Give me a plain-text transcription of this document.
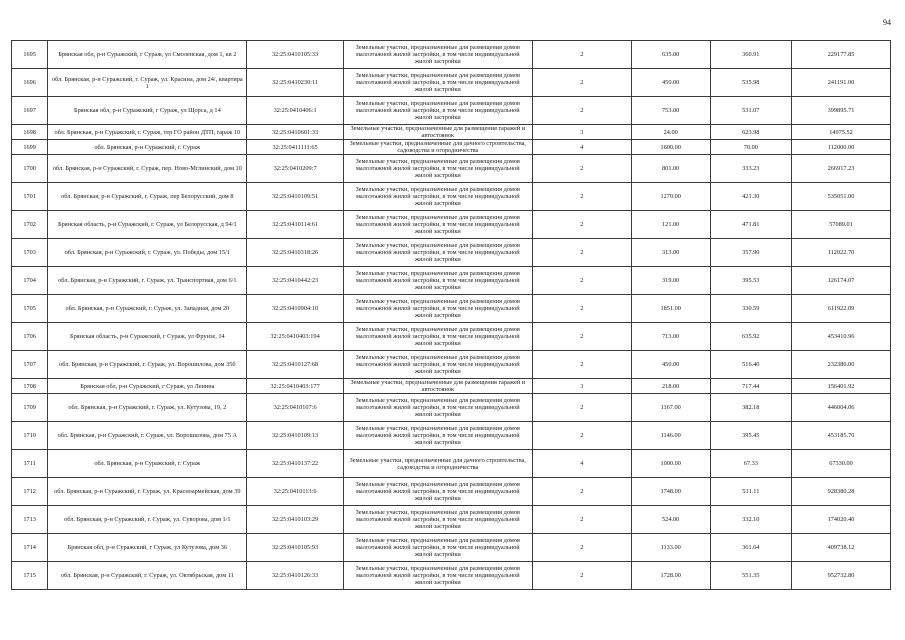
94
1695	Брянская обл, р-н Суражский, г Сураж, ул Смоленская, дом 1, кв 2	32:25:0410105:33	Земельные участки, предназначенные для размещения домов малоэтажной жилой застройки, в том числе индивидуальной жилой застройки	2	635.00	360.91	229177.85
1696	обл. Брянская, р-н Суражский, г. Сураж, ул. Красина, дом 24/, квартира 1	32:25:0410230:11	Земельные участки, предназначенные для размещения домов малоэтажной жилой застройки, в том числе индивидуальной жилой застройки	2	450.00	535.98	241191.00
1697	Брянская обл, р-н Суражский, г Сураж, ул Щорса, д 14	32:25:0410406:1	Земельные участки, предназначенные для размещения домов малоэтажной жилой застройки, в том числе индивидуальной жилой застройки	2	753.00	531.07	399895.71
1698	обл. Брянская, р-н Суражский, г. Сураж, тер ГО район ДТП, гараж 10	32:25:0410601:33	Земельные участки, предназначенные для размещения гаражей и автостоянок	3	24.00	623.98	14975.52
1699	обл. Брянская, р-н Суражский, г. Сураж	32:25:0411111:65	Земельные участки, предназначенные для дачного строительства, садоводства и огородничества	4	1600.00	70.00	112000.00
1700	обл. Брянская, р-н Суражский, г. Сураж, пер. Ново-Мглинский, дом 10	32:25:0410209:7	Земельные участки, предназначенные для размещения домов малоэтажной жилой застройки, в том числе индивидуальной жилой застройки	2	801.00	333.23	266917.23
1701	обл. Брянская, р-н Суражский, г. Сураж, пер Белорусский, дом 8	32:25:0410109:51	Земельные участки, предназначенные для размещения домов малоэтажной жилой застройки, в том числе индивидуальной жилой застройки	2	1270.00	421.30	535051.00
1702	Брянская область, р-н Суражский, г. Сураж, ул Белорусская, д 94/1	32:25:0410114:61	Земельные участки, предназначенные для размещения домов малоэтажной жилой застройки, в том числе индивидуальной жилой застройки	2	121.00	471.81	57089.01
1703	обл. Брянская, р-н Суражский, г. Сураж, ул. Победы, дом 15/1	32:25:0410318:26	Земельные участки, предназначенные для размещения домов малоэтажной жилой застройки, в том числе индивидуальной жилой застройки	2	313.00	357.90	112022.70
1704	обл. Брянская, р-н Суражский, г. Сураж, ул. Транспортная, дом 6/1	32:25:0410442:23	Земельные участки, предназначенные для размещения домов малоэтажной жилой застройки, в том числе индивидуальной жилой застройки	2	319.00	395.53	126174.07
1705	обл. Брянская, р-н Суражский, г. Сураж, ул. Западная, дом 20	32:25:0410904:10	Земельные участки, предназначенные для размещения домов малоэтажной жилой застройки, в том числе индивидуальной жилой застройки	2	1851.00	330.59	611922.09
1706	Брянская область, р-н Суражский, г Сураж, ул Фрунзе, 14	32:25:0410403:194	Земельные участки, предназначенные для размещения домов малоэтажной жилой застройки, в том числе индивидуальной жилой застройки	2	713.00	635.92	453410.96
1707	обл. Брянская, р-н Суражский, г. Сураж, ул. Ворошилова, дом 35б	32:25:0410127:68	Земельные участки, предназначенные для размещения домов малоэтажной жилой застройки, в том числе индивидуальной жилой застройки	2	450.00	516.40	232380.00
1708	Брянская обл, р-н Суражский, г Сураж, ул Ленина	32:25:0410403:177	Земельные участки, предназначенные для размещения гаражей и автостоянок	3	218.00	717.44	156401.92
1709	обл. Брянская, р-н Суражский, г. Сураж, ул. Кутузова, 19, 2	32:25:0410107:6	Земельные участки, предназначенные для размещения домов малоэтажной жилой застройки, в том числе индивидуальной жилой застройки	2	1167.00	382.18	446004.06
1710	обл. Брянская, р-н Суражский, г. Сураж, ул. Ворошилова, дом 75 А	32:25:0410109:13	Земельные участки, предназначенные для размещения домов малоэтажной жилой застройки, в том числе индивидуальной жилой застройки	2	1146.00	395.45	453185.70
1711	обл. Брянская, р-н Суражский, г. Сураж	32:25:0410137:22	Земельные участки, предназначенные для дачного строительства, садоводства и огородничества	4	1000.00	67.33	67330.00
1712	обл. Брянская, р-н Суражский, г. Сураж, ул. Красноармейская, дом 39	32:25:0410113:6	Земельные участки, предназначенные для размещения домов малоэтажной жилой застройки, в том числе индивидуальной жилой застройки	2	1748.00	531.11	928380.28
1713	обл. Брянская, р-н Суражский, г. Сураж, ул. Суворова, дом 1/1	32:25:0410103:29	Земельные участки, предназначенные для размещения домов малоэтажной жилой застройки, в том числе индивидуальной жилой застройки	2	524.00	332.10	174020.40
1714	Брянская обл, р-н Суражский, г Сураж, ул Кутузова, дом 36	32:25:0410105:93	Земельные участки, предназначенные для размещения домов малоэтажной жилой застройки, в том числе индивидуальной жилой застройки	2	1133.00	361.64	409738.12
1715	обл. Брянская, р-н Суражский, г. Сураж, ул. Октябрьская, дом 11	32:25:0410126:33	Земельные участки, предназначенные для размещения домов малоэтажной жилой застройки, в том числе индивидуальной жилой застройки	2	1728.00	551.35	952732.80
